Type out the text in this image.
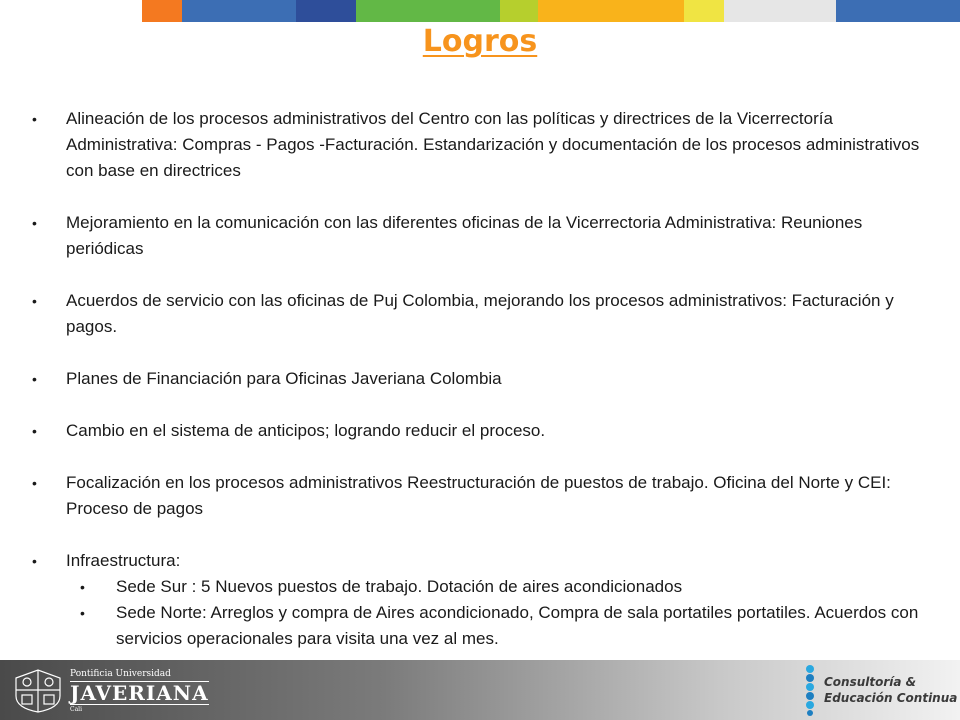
Logros
• Alineación de los procesos administrativos del Centro con las políticas y directrices de la Vicerrectoría Administrativa: Compras - Pagos -Facturación. Estandarización y documentación de los procesos administrativos con base en directrices
• Mejoramiento en la comunicación con las diferentes oficinas de la Vicerrectoria Administrativa: Reuniones periódicas
• Acuerdos de servicio con las oficinas de Puj Colombia, mejorando los procesos administrativos: Facturación y pagos.
• Planes de Financiación para Oficinas Javeriana Colombia
• Cambio en el sistema de anticipos; logrando reducir el proceso.
• Focalización en los procesos administrativos Reestructuración de puestos de trabajo. Oficina del Norte y CEI: Proceso de pagos
• Infraestructura:
• Sede Sur : 5 Nuevos puestos de trabajo. Dotación de aires acondicionados
• Sede Norte: Arreglos y compra de Aires acondicionado, Compra de sala portatiles portatiles. Acuerdos con servicios operacionales para visita una vez al mes.
Pontificia Universidad
JAVERIANA
Cali
Consultoría &
Educación Continua
